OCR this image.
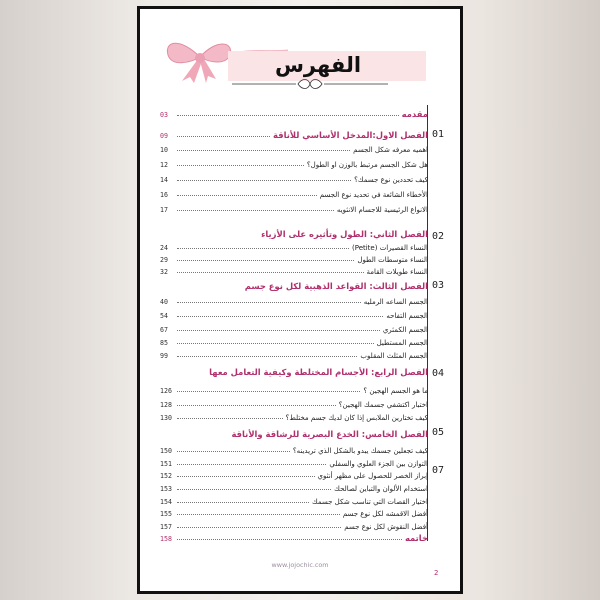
الفهرس
مقدمه
03
الفصل الاول:المدخل الأساسي للأناقة
09
اهميه معرفه شكل الجسم
10
هل شكل الجسم مرتبط بالوزن او الطول؟
12
كيف تحددين نوع جسمك؟
14
الأخطاء الشائعة في تحديد نوع الجسم
16
الانواع الرئيسية للاجسام الانثويه
17
الفصل الثاني: الطول وتأثيره على الأزياء
النساء القصيرات (Petite)
24
النساء متوسطات الطول
29
النساء طويلات القامة
32
الفصل الثالث: القواعد الذهبية لكل نوع جسم
الجسم الساعه الرمليه
40
الجسم التفاحه
54
الجسم الكمثري
67
الجسم المستطيل
85
الجسم المثلث المقلوب
99
الفصل الرابع: الأجسام المختلطة وكيفية التعامل معها
ما هو الجسم الهجين ؟
126
اختبار اكتشفي جسمك الهجين؟
128
كيف تختارين الملابس إذا كان لديك جسم مختلط؟
130
الفصل الخامس: الخدع البصرية للرشاقة والأناقة
كيف تجعلين جسمك يبدو بالشكل الذي تريدينه؟
150
التوازن بين الجزء العلوي والسفلي
151
إبراز الخصر للحصول على مظهر أنثوي
152
استخدام الألوان والتباين لصالحك
153
اختيار القصات التي تناسب شكل جسمك
154
أفضل الاقمشه لكل نوع جسم
155
أفضل النقوش لكل نوع جسم
157
خاتمه
158
01
02
03
04
05
07
www.jojochic.com
2
